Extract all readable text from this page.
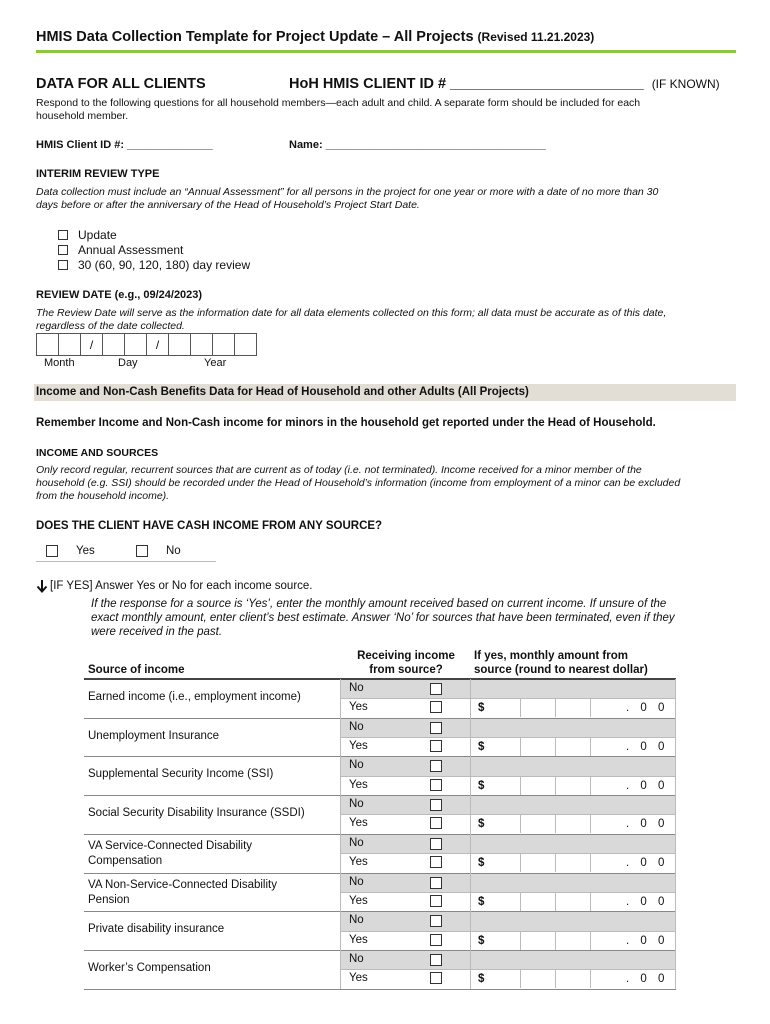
HMIS Data Collection Template for Project Update – All Projects (Revised 11.21.2023)
DATA FOR ALL CLIENTS	HoH HMIS CLIENT ID # ________________________ (IF KNOWN)
Respond to the following questions for all household members—each adult and child. A separate form should be included for each
household member.
HMIS Client ID #: ______________	Name: ____________________________________
INTERIM REVIEW TYPE
Data collection must include an “Annual Assessment” for all persons in the project for one year or more with a date of no more than 30
days before or after the anniversary of the Head of Household’s Project Start Date.
Update
Annual Assessment
30 (60, 90, 120, 180) day review
REVIEW DATE (e.g., 09/24/2023)
The Review Date will serve as the information date for all data elements collected on this form; all data must be accurate as of this date,
regardless of the date collected.
/	/
Month	Day	Year
Income and Non-Cash Benefits Data for Head of Household and other Adults (All Projects)
Remember Income and Non-Cash income for minors in the household get reported under the Head of Household.
INCOME AND SOURCES
Only record regular, recurrent sources that are current as of today (i.e. not terminated). Income received for a minor member of the
household (e.g. SSI) should be recorded under the Head of Household’s information (income from employment of a minor can be excluded
from the household income).
DOES THE CLIENT HAVE CASH INCOME FROM ANY SOURCE?
Yes	No
[IF YES] Answer Yes or No for each income source.
If the response for a source is ‘Yes’, enter the monthly amount received based on current income. If unsure of the
exact monthly amount, enter client’s best estimate. Answer ‘No’ for sources that have been terminated, even if they
were received in the past.
Source of income
Receiving income
from source?
If yes, monthly amount from
source (round to nearest dollar)
Earned income (i.e., employment income)
No
Yes	$	. 0 0
Unemployment Insurance
No
Yes	$	. 0 0
Supplemental Security Income (SSI)
No
Yes	$	. 0 0
Social Security Disability Insurance (SSDI)
No
Yes	$	. 0 0
VA Service-Connected Disability
Compensation
No
Yes	$	. 0 0
VA Non-Service-Connected Disability
Pension
No
Yes	$	. 0 0
Private disability insurance
No
Yes	$	. 0 0
Worker’s Compensation
No
Yes	$	. 0 0
